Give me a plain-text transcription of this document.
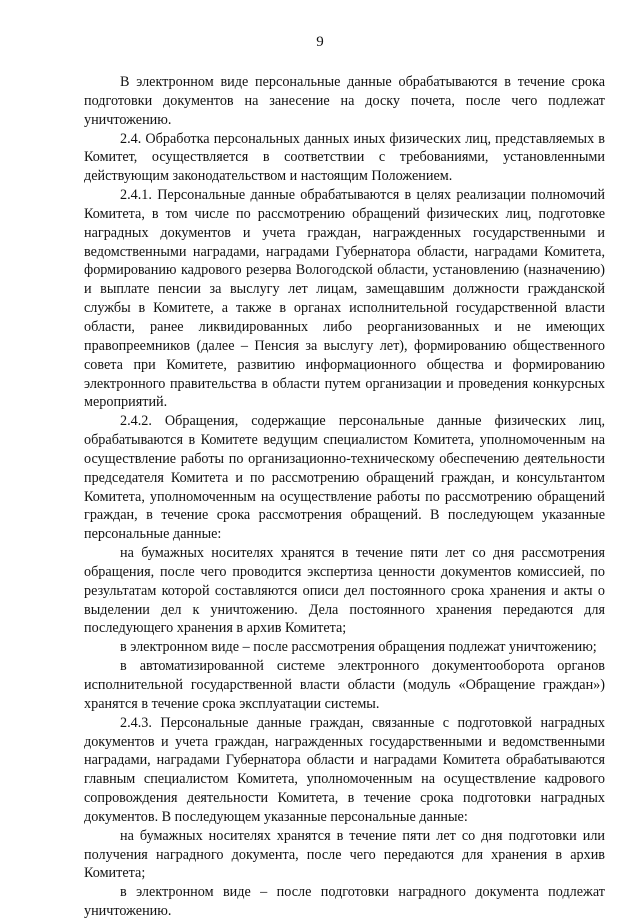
9

В электронном виде персональные данные обрабатываются в течение срока подготовки документов на занесение на доску почета, после чего подлежат уничтожению.

2.4. Обработка персональных данных иных физических лиц, представляемых в Комитет, осуществляется в соответствии с требованиями, установленными действующим законодательством и настоящим Положением.

2.4.1. Персональные данные обрабатываются в целях реализации полномочий Комитета, в том числе по рассмотрению обращений физических лиц, подготовке наградных документов и учета граждан, награжденных государственными и ведомственными наградами, наградами Губернатора области, наградами Комитета, формированию кадрового резерва Вологодской области, установлению (назначению) и выплате пенсии за выслугу лет лицам, замещавшим должности гражданской службы в Комитете, а также в органах исполнительной государственной власти области, ранее ликвидированных либо реорганизованных и не имеющих правопреемников (далее – Пенсия за выслугу лет), формированию общественного совета при Комитете, развитию информационного общества и формированию электронного правительства в области путем организации и проведения конкурсных мероприятий.

2.4.2. Обращения, содержащие персональные данные физических лиц, обрабатываются в Комитете ведущим специалистом Комитета, уполномоченным на осуществление работы по организационно-техническому обеспечению деятельности председателя Комитета и по рассмотрению обращений граждан, и консультантом Комитета, уполномоченным на осуществление работы по рассмотрению обращений граждан, в течение срока рассмотрения обращений. В последующем указанные персональные данные:

на бумажных носителях хранятся в течение пяти лет со дня рассмотрения обращения, после чего проводится экспертиза ценности документов комиссией, по результатам которой составляются описи дел постоянного срока хранения и акты о выделении дел к уничтожению. Дела постоянного хранения передаются для последующего хранения в архив Комитета;

в электронном виде – после рассмотрения обращения подлежат уничтожению;

в автоматизированной системе электронного документооборота органов исполнительной государственной власти области (модуль «Обращение граждан») хранятся в течение срока эксплуатации системы.

2.4.3. Персональные данные граждан, связанные с подготовкой наградных документов и учета граждан, награжденных государственными и ведомственными наградами, наградами Губернатора области и наградами Комитета обрабатываются главным специалистом Комитета, уполномоченным на осуществление кадрового сопровождения деятельности Комитета, в течение срока подготовки наградных документов. В последующем указанные персональные данные:

на бумажных носителях хранятся в течение пяти лет со дня подготовки или получения наградного документа, после чего передаются для хранения в архив Комитета;

в электронном виде – после подготовки наградного документа подлежат уничтожению.
